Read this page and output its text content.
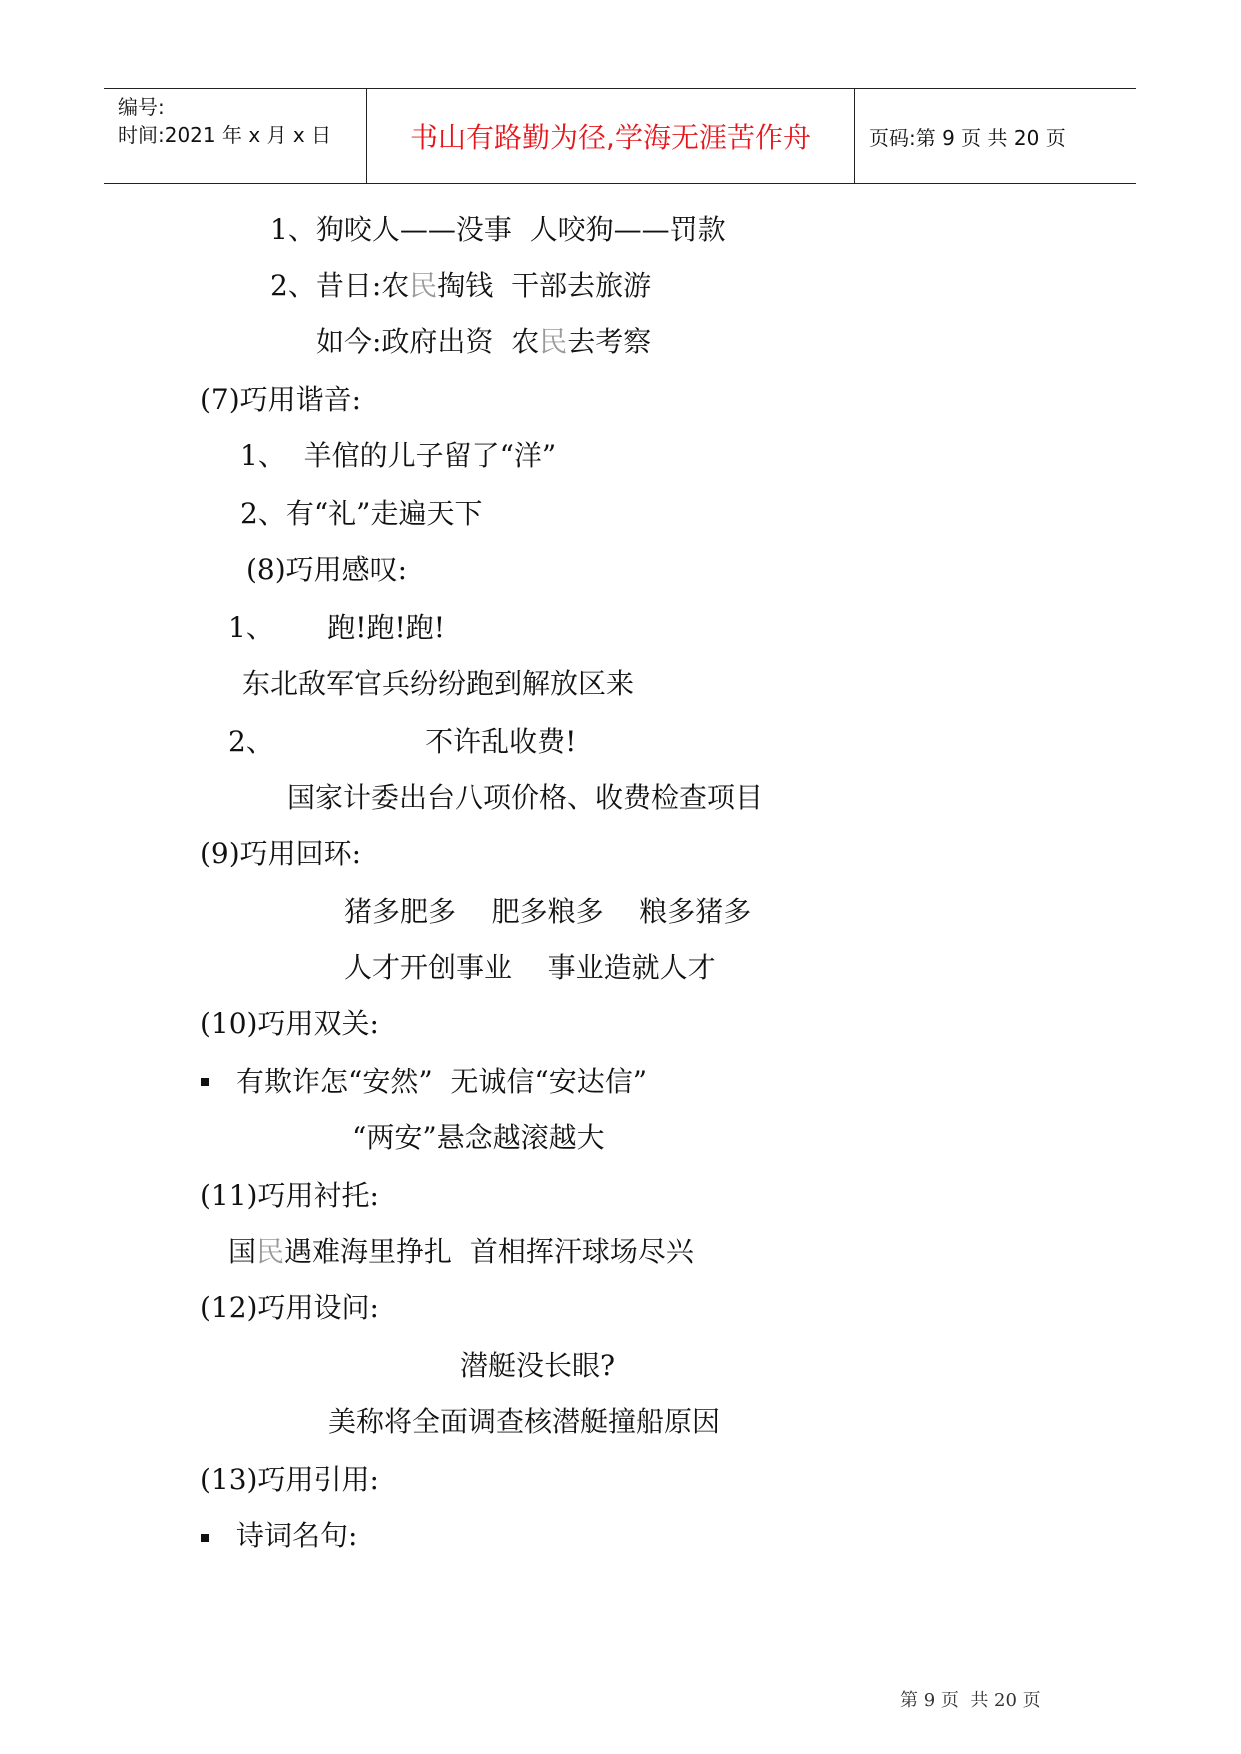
编号:
时间:2021 年 x 月 x 日	书山有路勤为径,学海无涯苦作舟	页码:第 9 页 共 20 页
1、狗咬人——没事  人咬狗——罚款
2、昔日:农民掏钱  干部去旅游
如今:政府出资  农民去考察
(7)巧用谐音:
1、  羊倌的儿子留了“洋”
2、有“礼”走遍天下
(8)巧用感叹:
1、      跑!跑!跑!
东北敌军官兵纷纷跑到解放区来
2、                 不许乱收费!
国家计委出台八项价格、收费检查项目
(9)巧用回环:
猪多肥多    肥多粮多    粮多猪多
人才开创事业    事业造就人才
(10)巧用双关:
有欺诈怎“安然”  无诚信“安达信”
“两安”悬念越滚越大
(11)巧用衬托:
国民遇难海里挣扎  首相挥汗球场尽兴
(12)巧用设问:
潜艇没长眼?
美称将全面调查核潜艇撞船原因
(13)巧用引用:
诗词名句:
第 9 页  共 20 页
